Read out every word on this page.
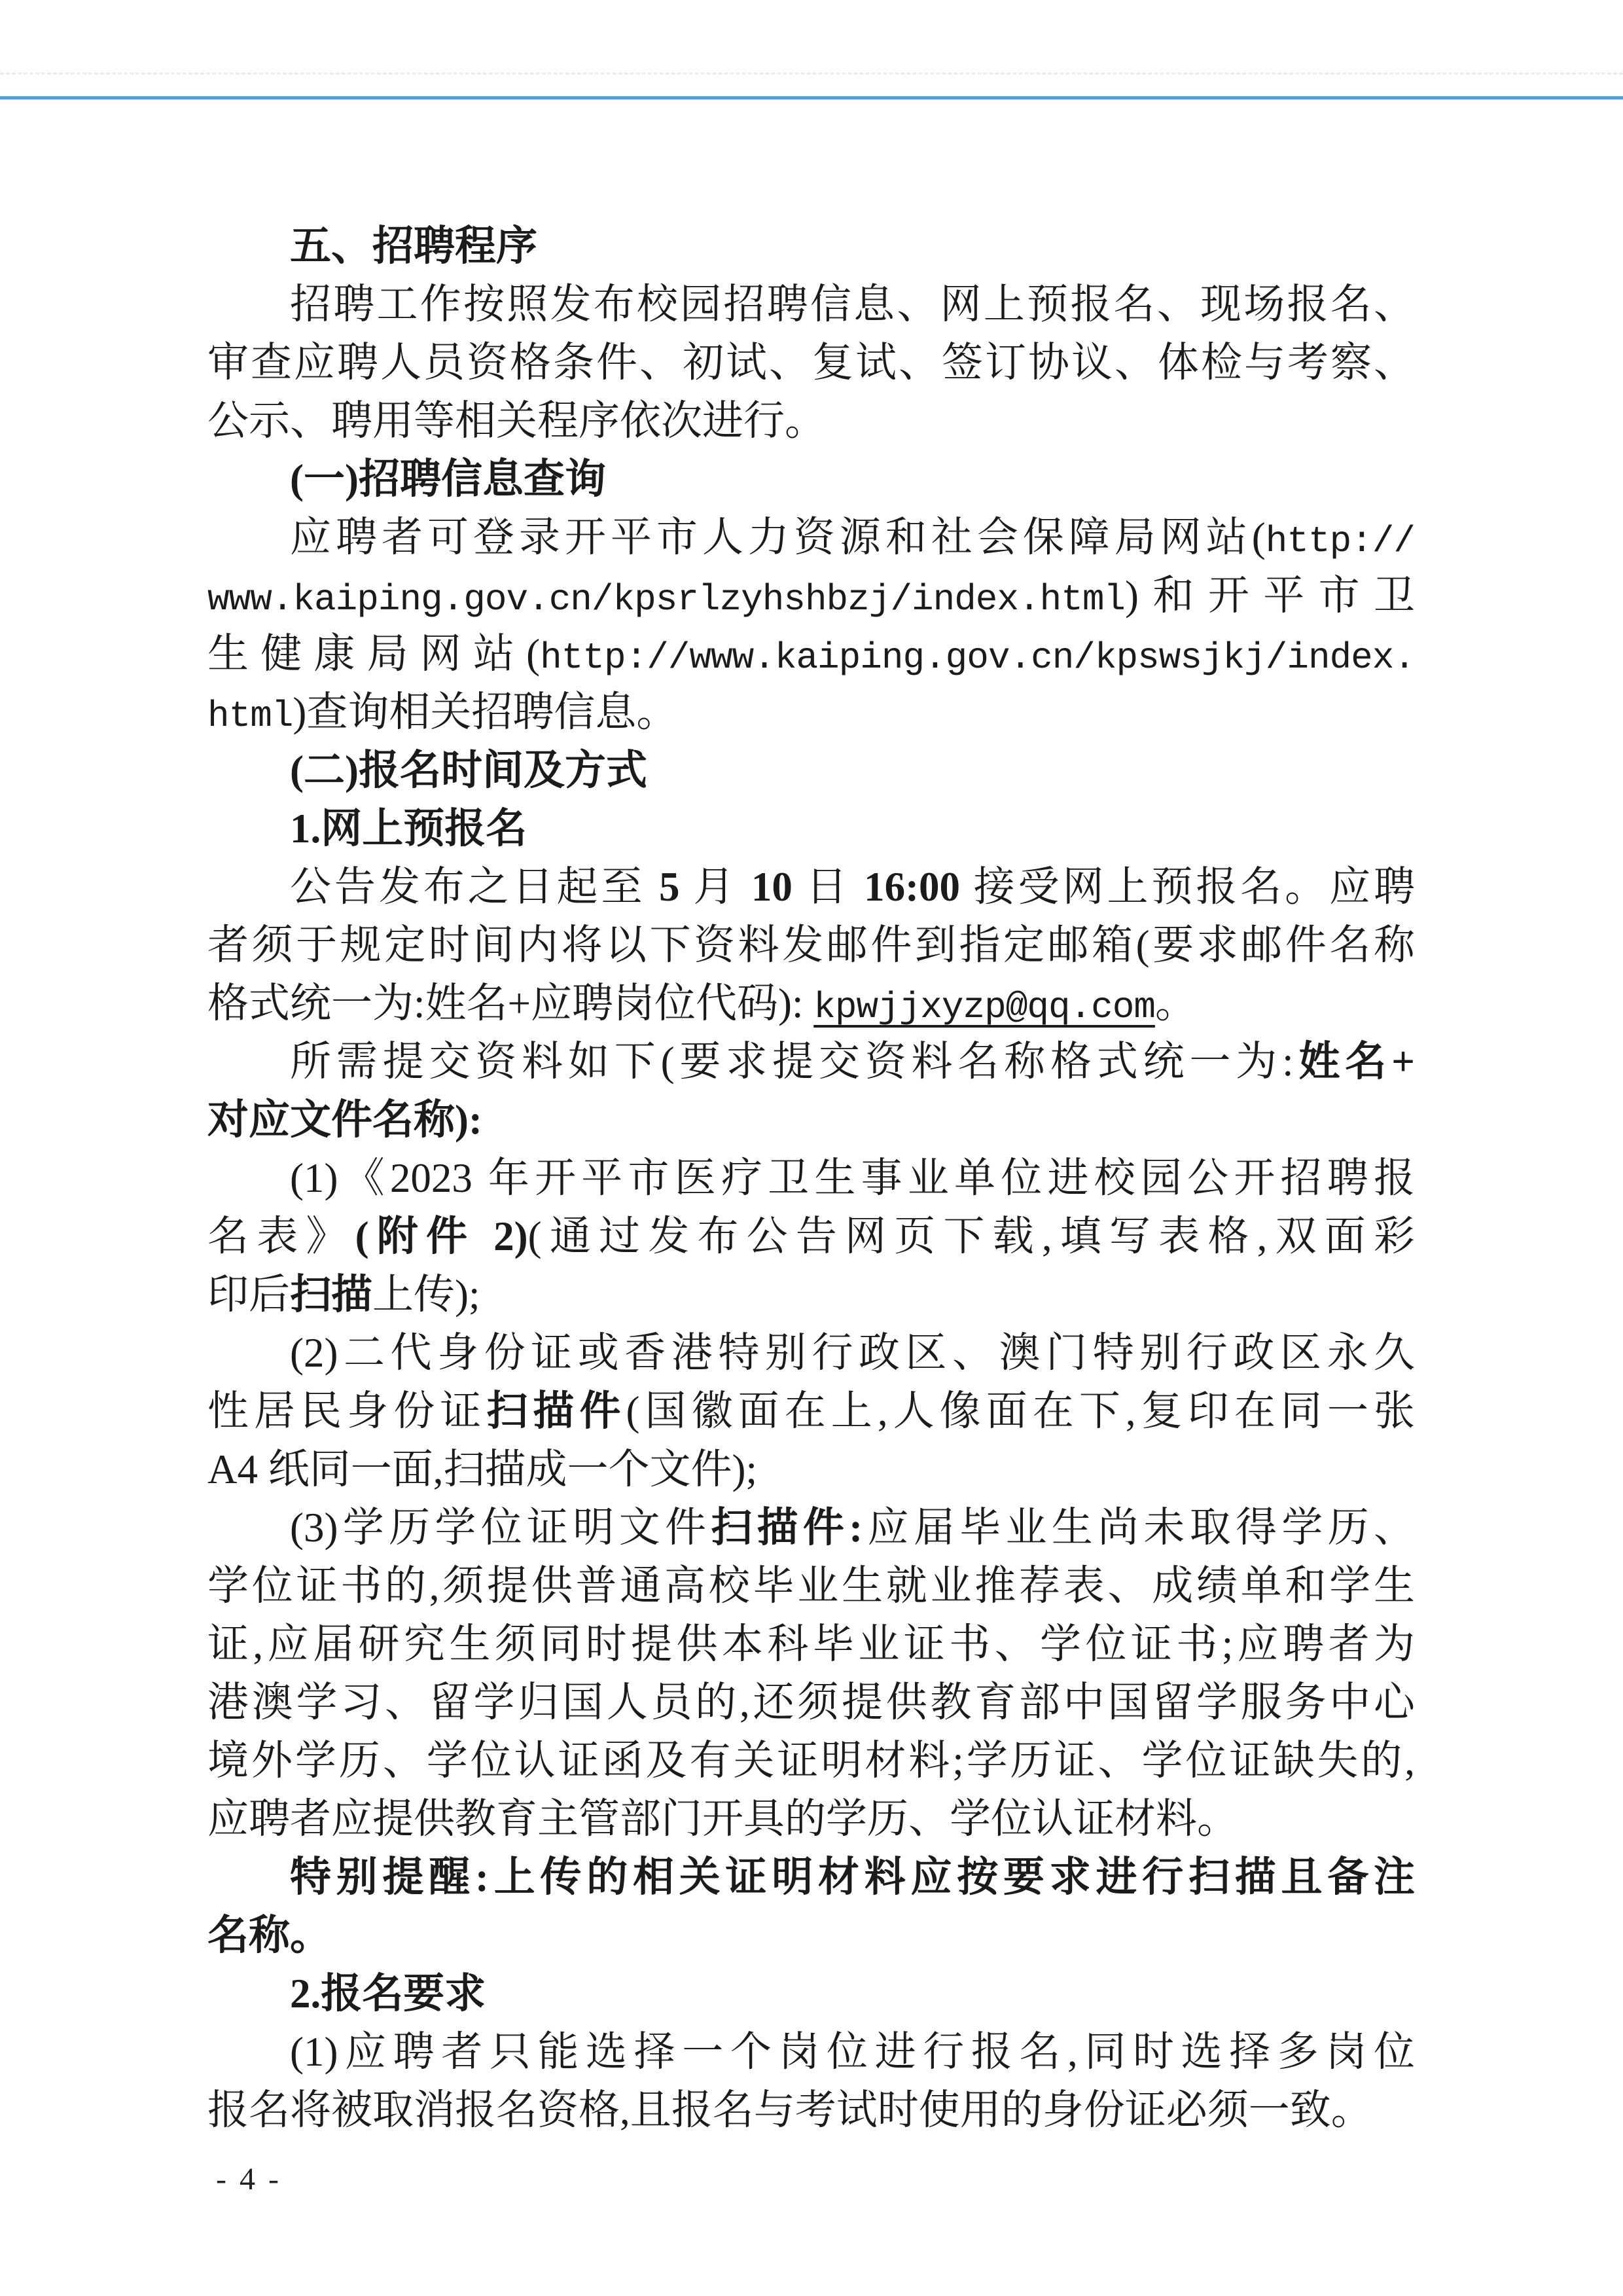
五、招聘程序
招聘工作按照发布校园招聘信息、网上预报名、现场报名、
审查应聘人员资格条件、初试、复试、签订协议、体检与考察、
公示、聘用等相关程序依次进行。
(一)招聘信息查询
应聘者可登录开平市人力资源和社会保障局网站(http://
www.kaiping.gov.cn/kpsrlzyhshbzj/index.html)和开平市卫
生健康局网站(http://www.kaiping.gov.cn/kpswsjkj/index.
html)查询相关招聘信息。
(二)报名时间及方式
1.网上预报名
公告发布之日起至 5 月 10 日 16:00 接受网上预报名。应聘
者须于规定时间内将以下资料发邮件到指定邮箱(要求邮件名称
格式统一为:姓名+应聘岗位代码): kpwjjxyzp@qq.com。
所需提交资料如下(要求提交资料名称格式统一为:姓名+
对应文件名称):
(1)《2023 年开平市医疗卫生事业单位进校园公开招聘报
名表》(附件 2)(通过发布公告网页下载,填写表格,双面彩
印后扫描上传);
(2)二代身份证或香港特别行政区、澳门特别行政区永久
性居民身份证扫描件(国徽面在上,人像面在下,复印在同一张
A4 纸同一面,扫描成一个文件);
(3)学历学位证明文件扫描件:应届毕业生尚未取得学历、
学位证书的,须提供普通高校毕业生就业推荐表、成绩单和学生
证,应届研究生须同时提供本科毕业证书、学位证书;应聘者为
港澳学习、留学归国人员的,还须提供教育部中国留学服务中心
境外学历、学位认证函及有关证明材料;学历证、学位证缺失的,
应聘者应提供教育主管部门开具的学历、学位认证材料。
特别提醒:上传的相关证明材料应按要求进行扫描且备注
名称。
2.报名要求
(1)应聘者只能选择一个岗位进行报名,同时选择多岗位
报名将被取消报名资格,且报名与考试时使用的身份证必须一致。
- 4 -
